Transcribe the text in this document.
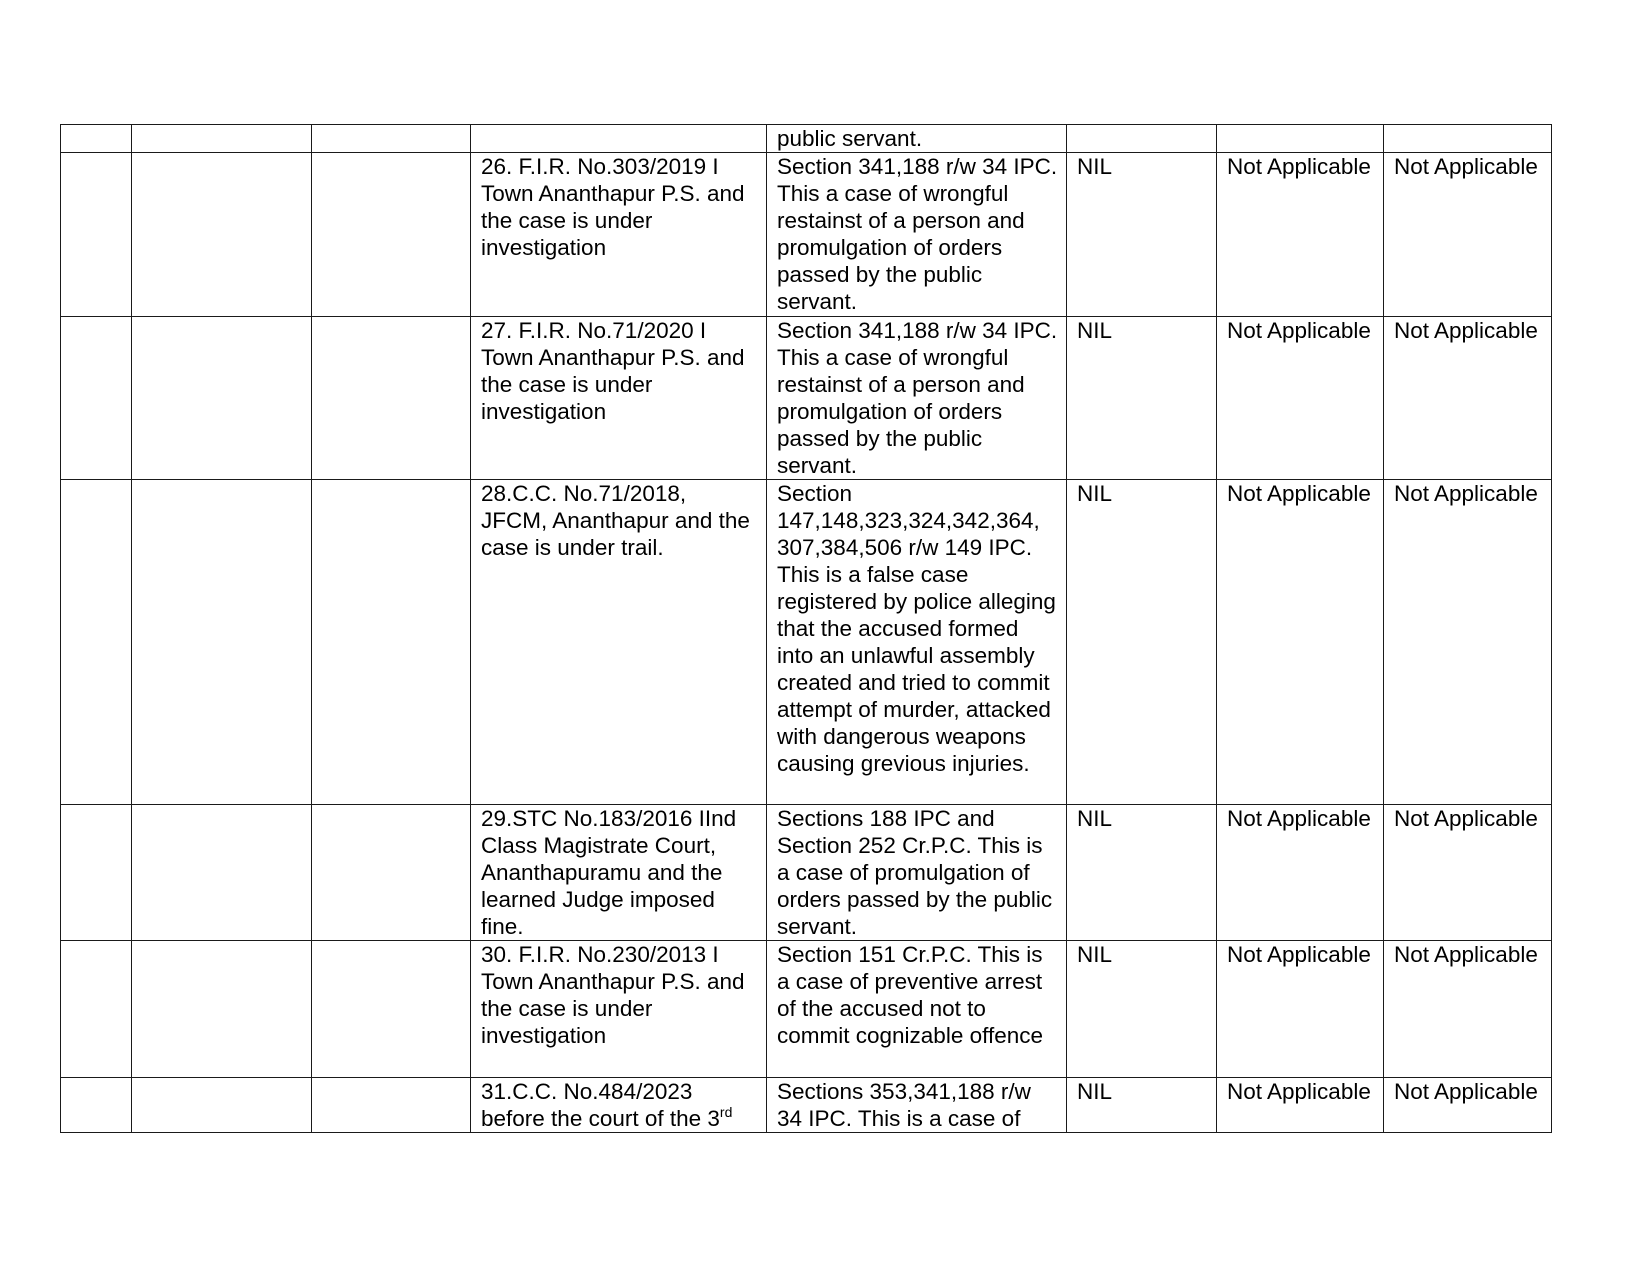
				public servant.			
			26. F.I.R. No.303/2019 I Town Ananthapur P.S. and the case is under investigation	Section 341,188 r/w 34 IPC. This a case of wrongful restainst of a person and promulgation of orders passed by the public servant.	NIL	Not Applicable	Not Applicable
			27. F.I.R. No.71/2020 I Town Ananthapur P.S. and the case is under investigation	Section 341,188 r/w 34 IPC. This a case of wrongful restainst of a person and promulgation of orders passed by the public servant.	NIL	Not Applicable	Not Applicable
			28.C.C. No.71/2018, JFCM, Ananthapur and the case is under trail.	Section 147,148,323,324,342,364, 307,384,506 r/w 149 IPC. This is a false case registered by police alleging that the accused formed into an unlawful assembly created and tried to commit attempt of murder, attacked with dangerous weapons causing grevious injuries.	NIL	Not Applicable	Not Applicable
			29.STC No.183/2016 IInd Class Magistrate Court, Ananthapuramu and the learned Judge imposed fine.	Sections 188 IPC and Section 252 Cr.P.C. This is a case of promulgation of orders passed by the public servant.	NIL	Not Applicable	Not Applicable
			30. F.I.R. No.230/2013 I Town Ananthapur P.S. and the case is under investigation	Section 151 Cr.P.C. This is a case of preventive arrest of the accused not to commit cognizable offence	NIL	Not Applicable	Not Applicable
			31.C.C. No.484/2023 before the court of the 3rd	Sections 353,341,188 r/w 34 IPC. This is a case of	NIL	Not Applicable	Not Applicable
